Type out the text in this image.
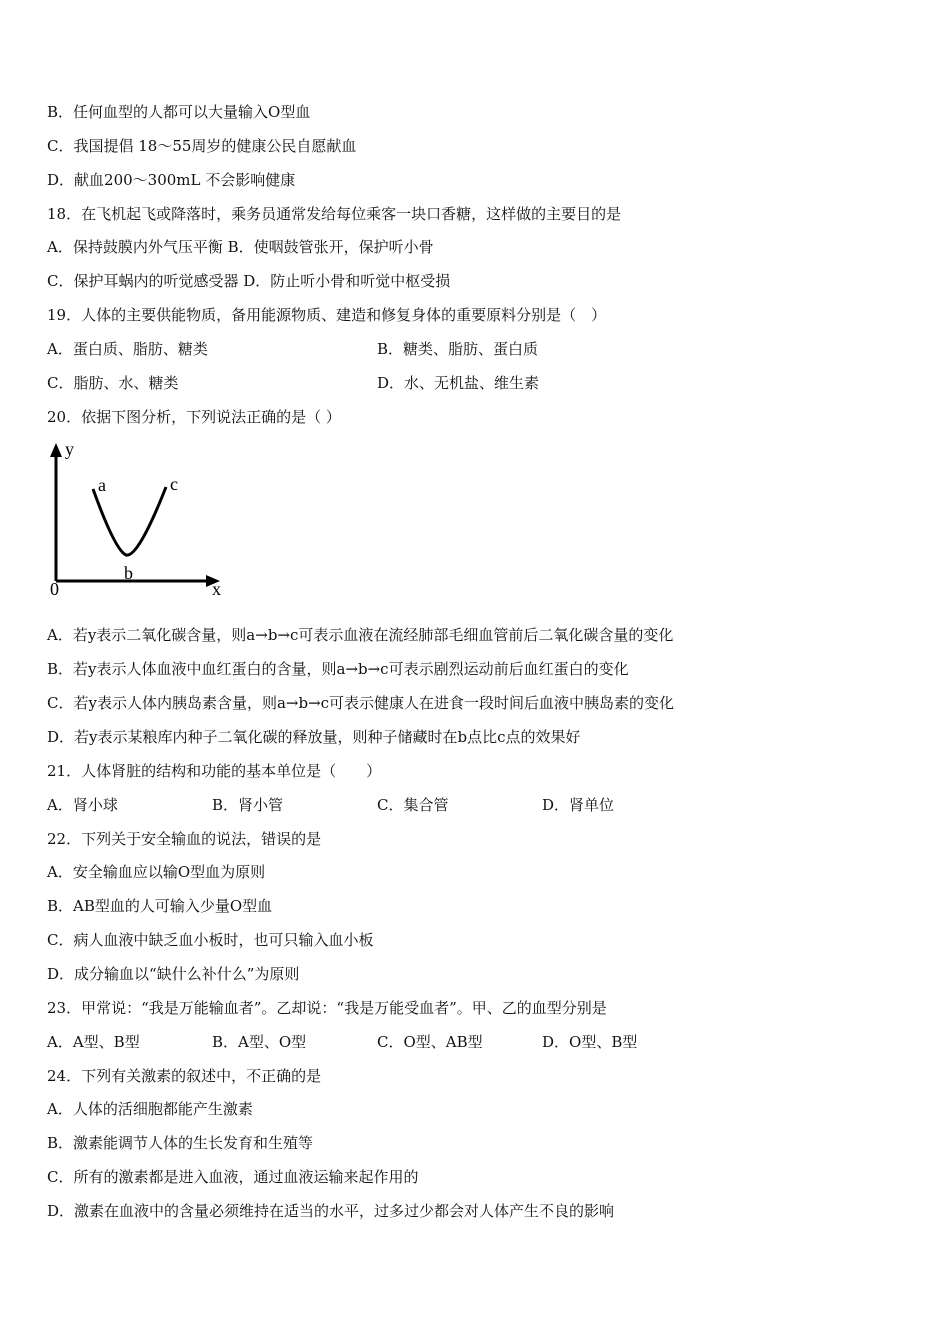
B．任何血型的人都可以大量输入O型血
C．我国提倡 18～55周岁的健康公民自愿献血
D．献血200～300mL 不会影响健康
18．在飞机起飞或降落时，乘务员通常发给每位乘客一块口香糖，这样做的主要目的是
A．保持鼓膜内外气压平衡 B．使咽鼓管张开，保护听小骨
C．保护耳蜗内的听觉感受器 D．防止听小骨和听觉中枢受损
19．人体的主要供能物质，备用能源物质、建造和修复身体的重要原料分别是（　）
A．蛋白质、脂肪、糖类	B．糖类、脂肪、蛋白质
C．脂肪、水、糖类	D．水、无机盐、维生素
20．依据下图分析，下列说法正确的是（ ）
y
x
0
a
b
c
A．若y表示二氧化碳含量，则a→b→c可表示血液在流经肺部毛细血管前后二氧化碳含量的变化
B．若y表示人体血液中血红蛋白的含量，则a→b→c可表示剧烈运动前后血红蛋白的变化
C．若y表示人体内胰岛素含量，则a→b→c可表示健康人在进食一段时间后血液中胰岛素的变化
D．若y表示某粮库内种子二氧化碳的释放量，则种子储藏时在b点比c点的效果好
21．人体肾脏的结构和功能的基本单位是（　　）
A．肾小球	B．肾小管	C．集合管	D．肾单位
22．下列关于安全输血的说法，错误的是
A．安全输血应以输O型血为原则
B．AB型血的人可输入少量O型血
C．病人血液中缺乏血小板时，也可只输入血小板
D．成分输血以“缺什么补什么”为原则
23．甲常说：“我是万能输血者”。乙却说：“我是万能受血者”。甲、乙的血型分别是
A．A型、B型	B．A型、O型	C．O型、AB型	D．O型、B型
24．下列有关激素的叙述中，不正确的是
A．人体的活细胞都能产生激素
B．激素能调节人体的生长发育和生殖等
C．所有的激素都是进入血液，通过血液运输来起作用的
D．激素在血液中的含量必须维持在适当的水平，过多过少都会对人体产生不良的影响
